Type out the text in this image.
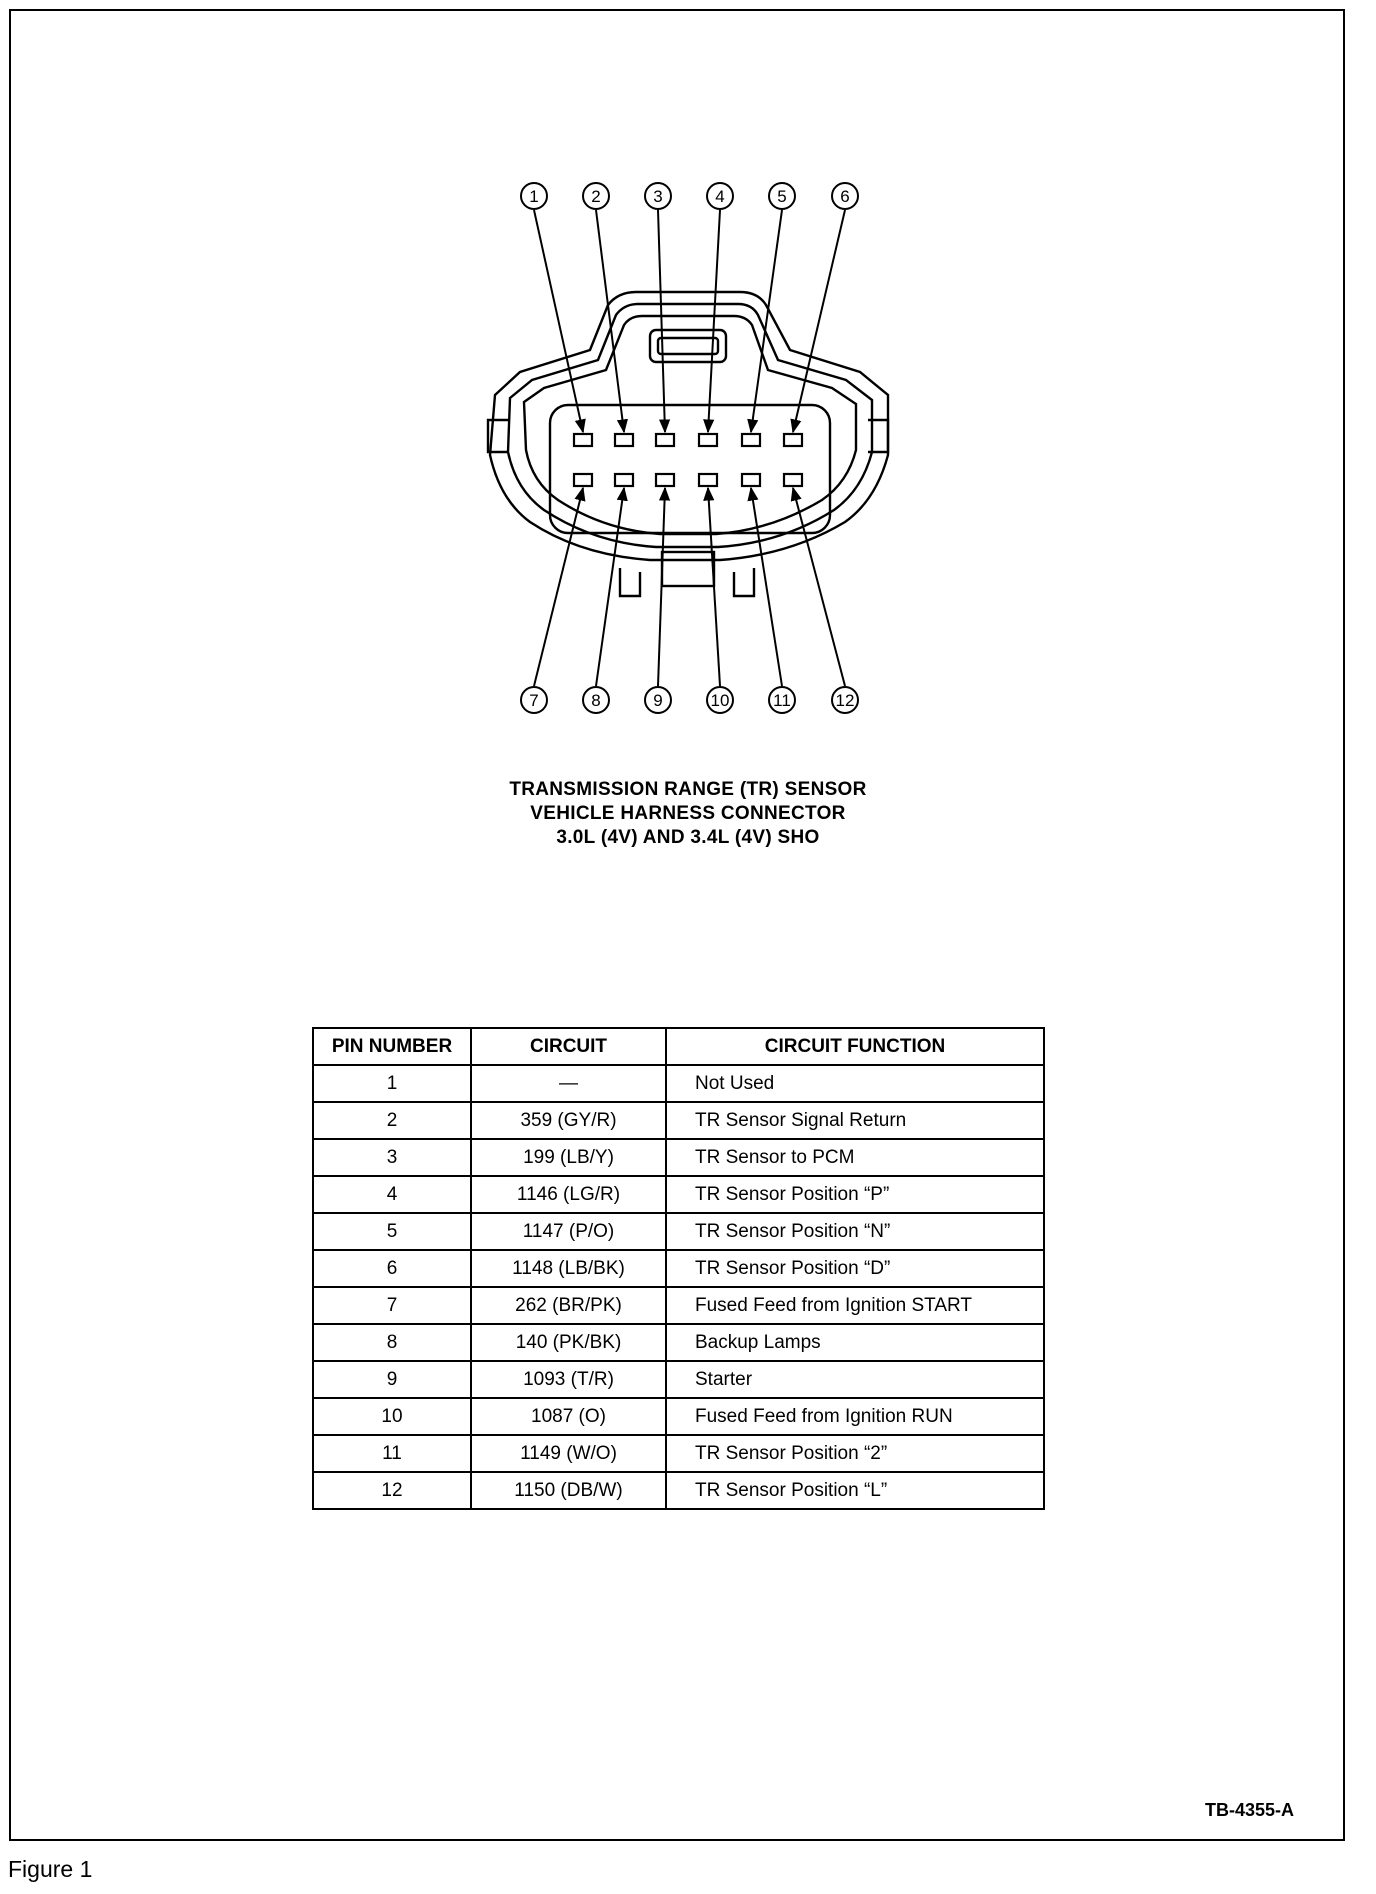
1	2	3	4	5	6
7	8	9	10	11	12
TRANSMISSION RANGE (TR) SENSOR
VEHICLE HARNESS CONNECTOR
3.0L (4V) AND 3.4L (4V) SHO
PIN NUMBER	CIRCUIT	CIRCUIT FUNCTION
1	—	Not Used
2	359 (GY/R)	TR Sensor Signal Return
3	199 (LB/Y)	TR Sensor to PCM
4	1146 (LG/R)	TR Sensor Position “P”
5	1147 (P/O)	TR Sensor Position “N”
6	1148 (LB/BK)	TR Sensor Position “D”
7	262 (BR/PK)	Fused Feed from Ignition START
8	140 (PK/BK)	Backup Lamps
9	1093 (T/R)	Starter
10	1087 (O)	Fused Feed from Ignition RUN
11	1149 (W/O)	TR Sensor Position “2”
12	1150 (DB/W)	TR Sensor Position “L”
TB-4355-A
Figure 1
